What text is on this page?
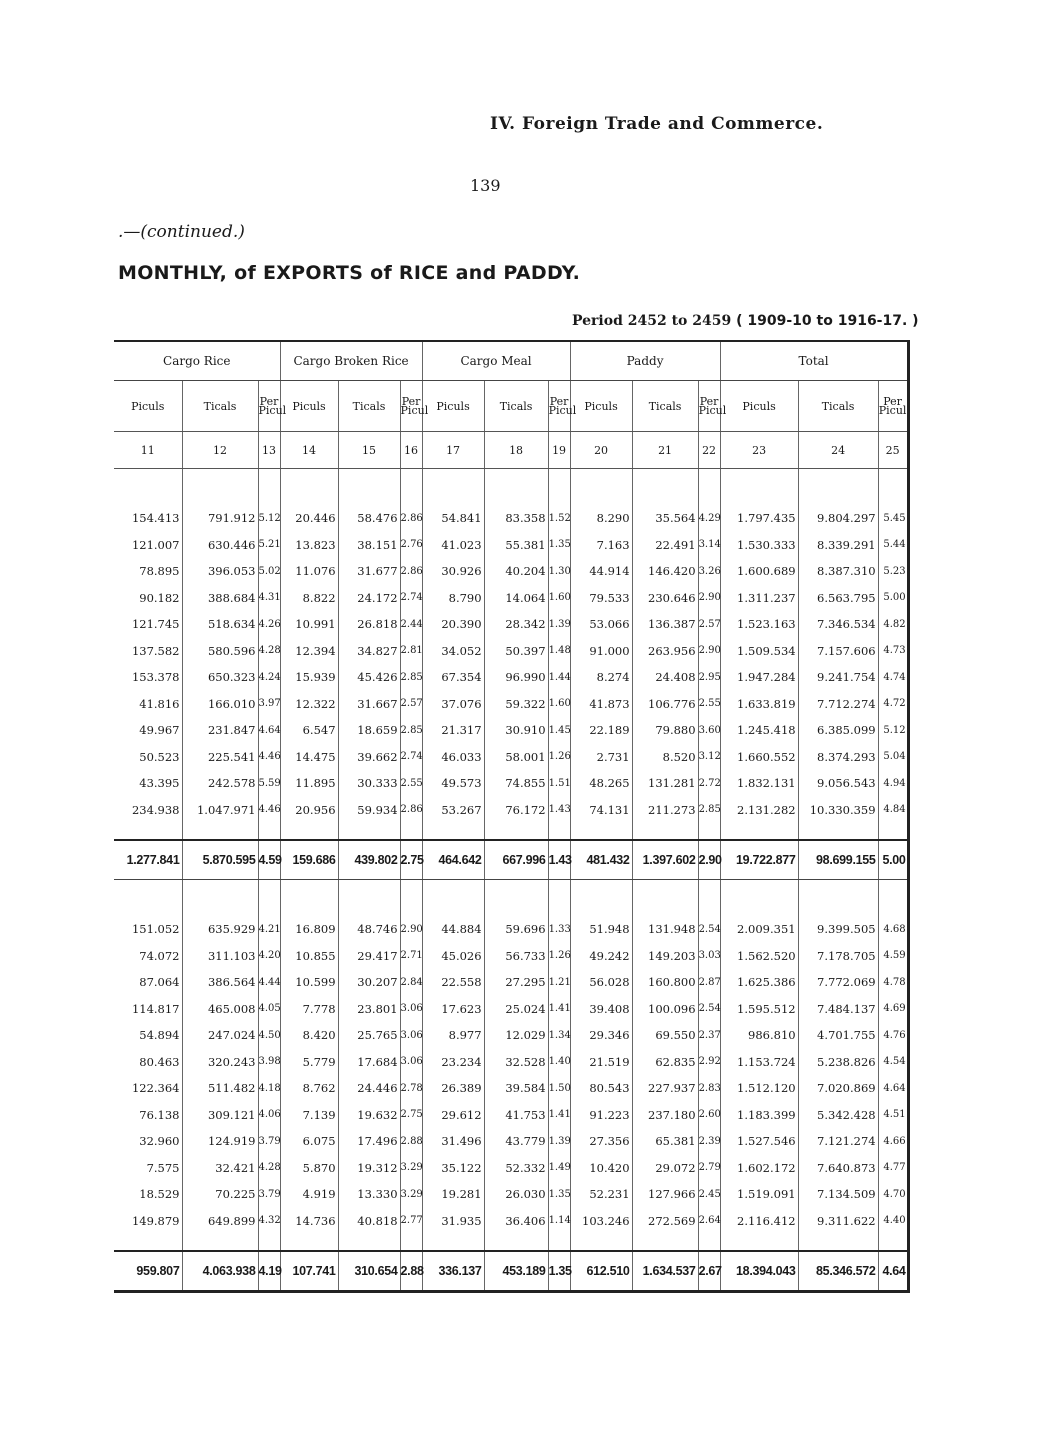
IV. Foreign Trade and Commerce.
139
.—(continued.)
MONTHLY, of EXPORTS of RICE and PADDY.
Period 2452 to 2459 ( 1909-10 to 1916-17. )
Cargo Rice			Cargo Broken Rice			Cargo Meal			Paddy			Total		
Piculs	Ticals	Per Picul	Piculs	Ticals	Per Picul	Piculs	Ticals	Per Picul	Piculs	Ticals	Per Picul	Piculs	Ticals	Per Picul
11	12	13	14	15	16	17	18	19	20	21	22	23	24	25

154.413	791.912	5.12	20.446	58.476	2.86	54.841	83.358	1.52	8.290	35.564	4.29	1.797.435	9.804.297	5.45
121.007	630.446	5.21	13.823	38.151	2.76	41.023	55.381	1.35	7.163	22.491	3.14	1.530.333	8.339.291	5.44
78.895	396.053	5.02	11.076	31.677	2.86	30.926	40.204	1.30	44.914	146.420	3.26	1.600.689	8.387.310	5.23
90.182	388.684	4.31	8.822	24.172	2.74	8.790	14.064	1.60	79.533	230.646	2.90	1.311.237	6.563.795	5.00
121.745	518.634	4.26	10.991	26.818	2.44	20.390	28.342	1.39	53.066	136.387	2.57	1.523.163	7.346.534	4.82
137.582	580.596	4.28	12.394	34.827	2.81	34.052	50.397	1.48	91.000	263.956	2.90	1.509.534	7.157.606	4.73
153.378	650.323	4.24	15.939	45.426	2.85	67.354	96.990	1.44	8.274	24.408	2.95	1.947.284	9.241.754	4.74
41.816	166.010	3.97	12.322	31.667	2.57	37.076	59.322	1.60	41.873	106.776	2.55	1.633.819	7.712.274	4.72
49.967	231.847	4.64	6.547	18.659	2.85	21.317	30.910	1.45	22.189	79.880	3.60	1.245.418	6.385.099	5.12
50.523	225.541	4.46	14.475	39.662	2.74	46.033	58.001	1.26	2.731	8.520	3.12	1.660.552	8.374.293	5.04
43.395	242.578	5.59	11.895	30.333	2.55	49.573	74.855	1.51	48.265	131.281	2.72	1.832.131	9.056.543	4.94
234.938	1.047.971	4.46	20.956	59.934	2.86	53.267	76.172	1.43	74.131	211.273	2.85	2.131.282	10.330.359	4.84

1.277.841	5.870.595	4.59	159.686	439.802	2.75	464.642	667.996	1.43	481.432	1.397.602	2.90	19.722.877	98.699.155	5.00

151.052	635.929	4.21	16.809	48.746	2.90	44.884	59.696	1.33	51.948	131.948	2.54	2.009.351	9.399.505	4.68
74.072	311.103	4.20	10.855	29.417	2.71	45.026	56.733	1.26	49.242	149.203	3.03	1.562.520	7.178.705	4.59
87.064	386.564	4.44	10.599	30.207	2.84	22.558	27.295	1.21	56.028	160.800	2.87	1.625.386	7.772.069	4.78
114.817	465.008	4.05	7.778	23.801	3.06	17.623	25.024	1.41	39.408	100.096	2.54	1.595.512	7.484.137	4.69
54.894	247.024	4.50	8.420	25.765	3.06	8.977	12.029	1.34	29.346	69.550	2.37	986.810	4.701.755	4.76
80.463	320.243	3.98	5.779	17.684	3.06	23.234	32.528	1.40	21.519	62.835	2.92	1.153.724	5.238.826	4.54
122.364	511.482	4.18	8.762	24.446	2.78	26.389	39.584	1.50	80.543	227.937	2.83	1.512.120	7.020.869	4.64
76.138	309.121	4.06	7.139	19.632	2.75	29.612	41.753	1.41	91.223	237.180	2.60	1.183.399	5.342.428	4.51
32.960	124.919	3.79	6.075	17.496	2.88	31.496	43.779	1.39	27.356	65.381	2.39	1.527.546	7.121.274	4.66
7.575	32.421	4.28	5.870	19.312	3.29	35.122	52.332	1.49	10.420	29.072	2.79	1.602.172	7.640.873	4.77
18.529	70.225	3.79	4.919	13.330	3.29	19.281	26.030	1.35	52.231	127.966	2.45	1.519.091	7.134.509	4.70
149.879	649.899	4.32	14.736	40.818	2.77	31.935	36.406	1.14	103.246	272.569	2.64	2.116.412	9.311.622	4.40

959.807	4.063.938	4.19	107.741	310.654	2.88	336.137	453.189	1.35	612.510	1.634.537	2.67	18.394.043	85.346.572	4.64
